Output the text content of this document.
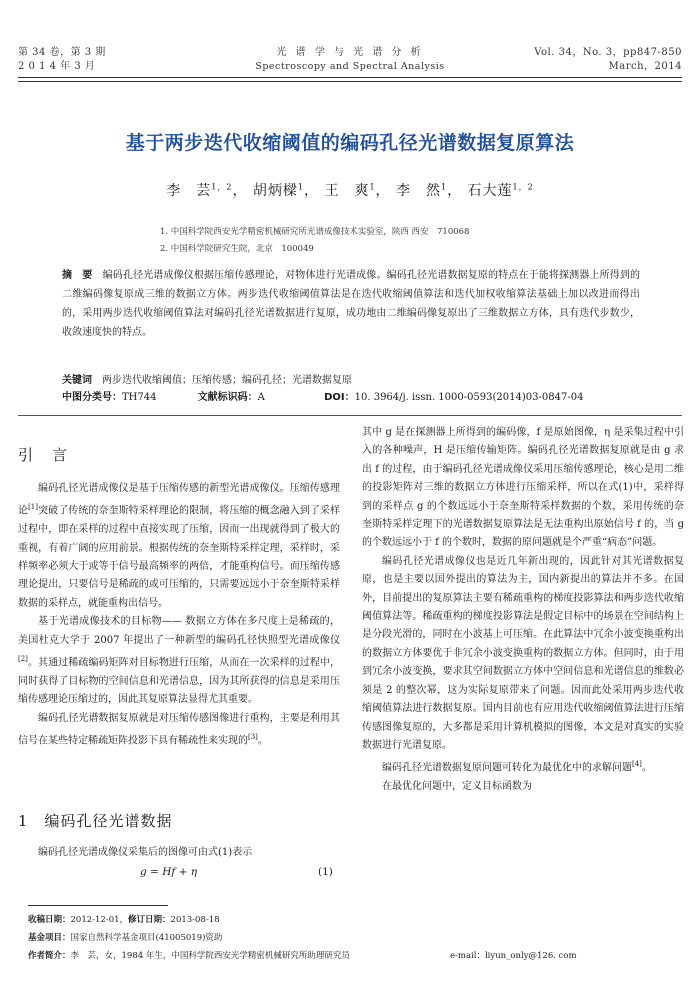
第 34 卷，第 3 期
2 0 1 4 年 3 月
光 谱 学 与 光 谱 分 析
Spectroscopy and Spectral Analysis
Vol. 34，No. 3，pp847-850
March，2014
基于两步迭代收缩阈值的编码孔径光谱数据复原算法
李　芸$^{1,2}$， 胡炳樑$^1$， 王　爽$^1$， 李　然$^1$， 石大莲$^{1,2}$
1. 中国科学院西安光学精密机械研究所光谱成像技术实验室，陕西 西安　710068
2. 中国科学院研究生院，北京　100049
摘　要　 编码孔径光谱成像仪根据压缩传感理论，对物体进行光谱成像。编码孔径光谱数据复原的特点在于能将探测器上所得到的二维编码像复原成三维的数据立方体。两步迭代收缩阈值算法是在迭代收缩阈值算法和迭代加权收缩算法基础上加以改进而得出的，采用两步迭代收缩阈值算法对编码孔径光谱数据进行复原，成功地由二维编码像复原出了三维数据立方体，具有迭代步数少，收敛速度快的特点。
关键词　 两步迭代收缩阈值；压缩传感；编码孔径；光谱数据复原
中图分类号：TH744	文献标识码：A	DOI：10. 3964/j. issn. 1000-0593(2014)03-0847-04
引　言

编码孔径光谱成像仪是基于压缩传感的新型光谱成像仪。压缩传感理论[1]突破了传统的奈奎斯特采样理论的限制，将压缩的概念融入到了采样过程中，即在采样的过程中直接实现了压缩，因而一出现就得到了极大的重视，有着广阔的应用前景。根据传统的奈奎斯特采样定理，采样时，采样频率必须大于或等于信号最高频率的两倍，才能重构信号。而压缩传感理论提出，只要信号是稀疏的或可压缩的，只需要远远小于奈奎斯特采样数据的采样点，就能重构出信号。

基于光谱成像技术的目标物—— 数据立方体在多尺度上是稀疏的，美国杜克大学于 2007 年提出了一种新型的编码孔径快照型光谱成像仪[2]。其通过稀疏编码矩阵对目标物进行压缩，从而在一次采样的过程中，同时获得了目标物的空间信息和光谱信息，因为其所获得的信息是采用压缩传感理论压缩过的，因此其复原算法显得尤其重要。

编码孔径光谱数据复原就是对压缩传感图像进行重构，主要是利用其信号在某些特定稀疏矩阵投影下具有稀疏性来实现的[3]。

1　编码孔径光谱数据

编码孔径光谱成像仪采集后的图像可由式(1)表示

g = Hf + η	(1)

其中 g 是在探测器上所得到的编码像，f 是原始图像，η 是采集过程中引入的各种噪声，H 是压缩传输矩阵。编码孔径光谱数据复原就是由 g 求出 f 的过程，由于编码孔径光谱成像仪采用压缩传感理论，核心是用二维的投影矩阵对三维的数据立方体进行压缩采样，所以在式(1)中，采样得到的采样点 g 的个数远远小于奈奎斯特采样数据的个数，采用传统的奈奎斯特采样定理下的光谱数据复原算法是无法重构出原始信号 f 的，当 g 的个数远远小于 f 的个数时，数据的原问题就是个严重“病态”问题。

编码孔径光谱成像仪也是近几年新出现的，因此针对其光谱数据复原，也是主要以国外提出的算法为主，国内新提出的算法并不多。在国外，目前提出的复原算法主要有稀疏重构的梯度投影算法和两步迭代收缩阈值算法等。稀疏重构的梯度投影算法是假定目标中的场景在空间结构上是分段光滑的，同时在小波基上可压缩。在此算法中冗余小波变换重构出的数据立方体要优于非冗余小波变换重构的数据立方体。但同时，由于用到冗余小波变换，要求其空间数据立方体中空间信息和光谱信息的维数必须是 2 的整次幂，这为实际复原带来了问题。因而此处采用两步迭代收缩阈值算法进行数据复原。国内目前也有应用迭代收缩阈值算法进行压缩传感图像复原的，大多都是采用计算机模拟的图像，本文是对真实的实验数据进行光谱复原。

编码孔径光谱数据复原问题可转化为最优化中的求解问题[4]。

在最优化问题中，定义目标函数为

收稿日期：2012-12-01，修订日期：2013-08-18
基金项目：国家自然科学基金项目(41005019)资助
作者简介：李　芸，女，1984 年生，中国科学院西安光学精密机械研究所助理研究员	e-mail：liyun_only@126. com
